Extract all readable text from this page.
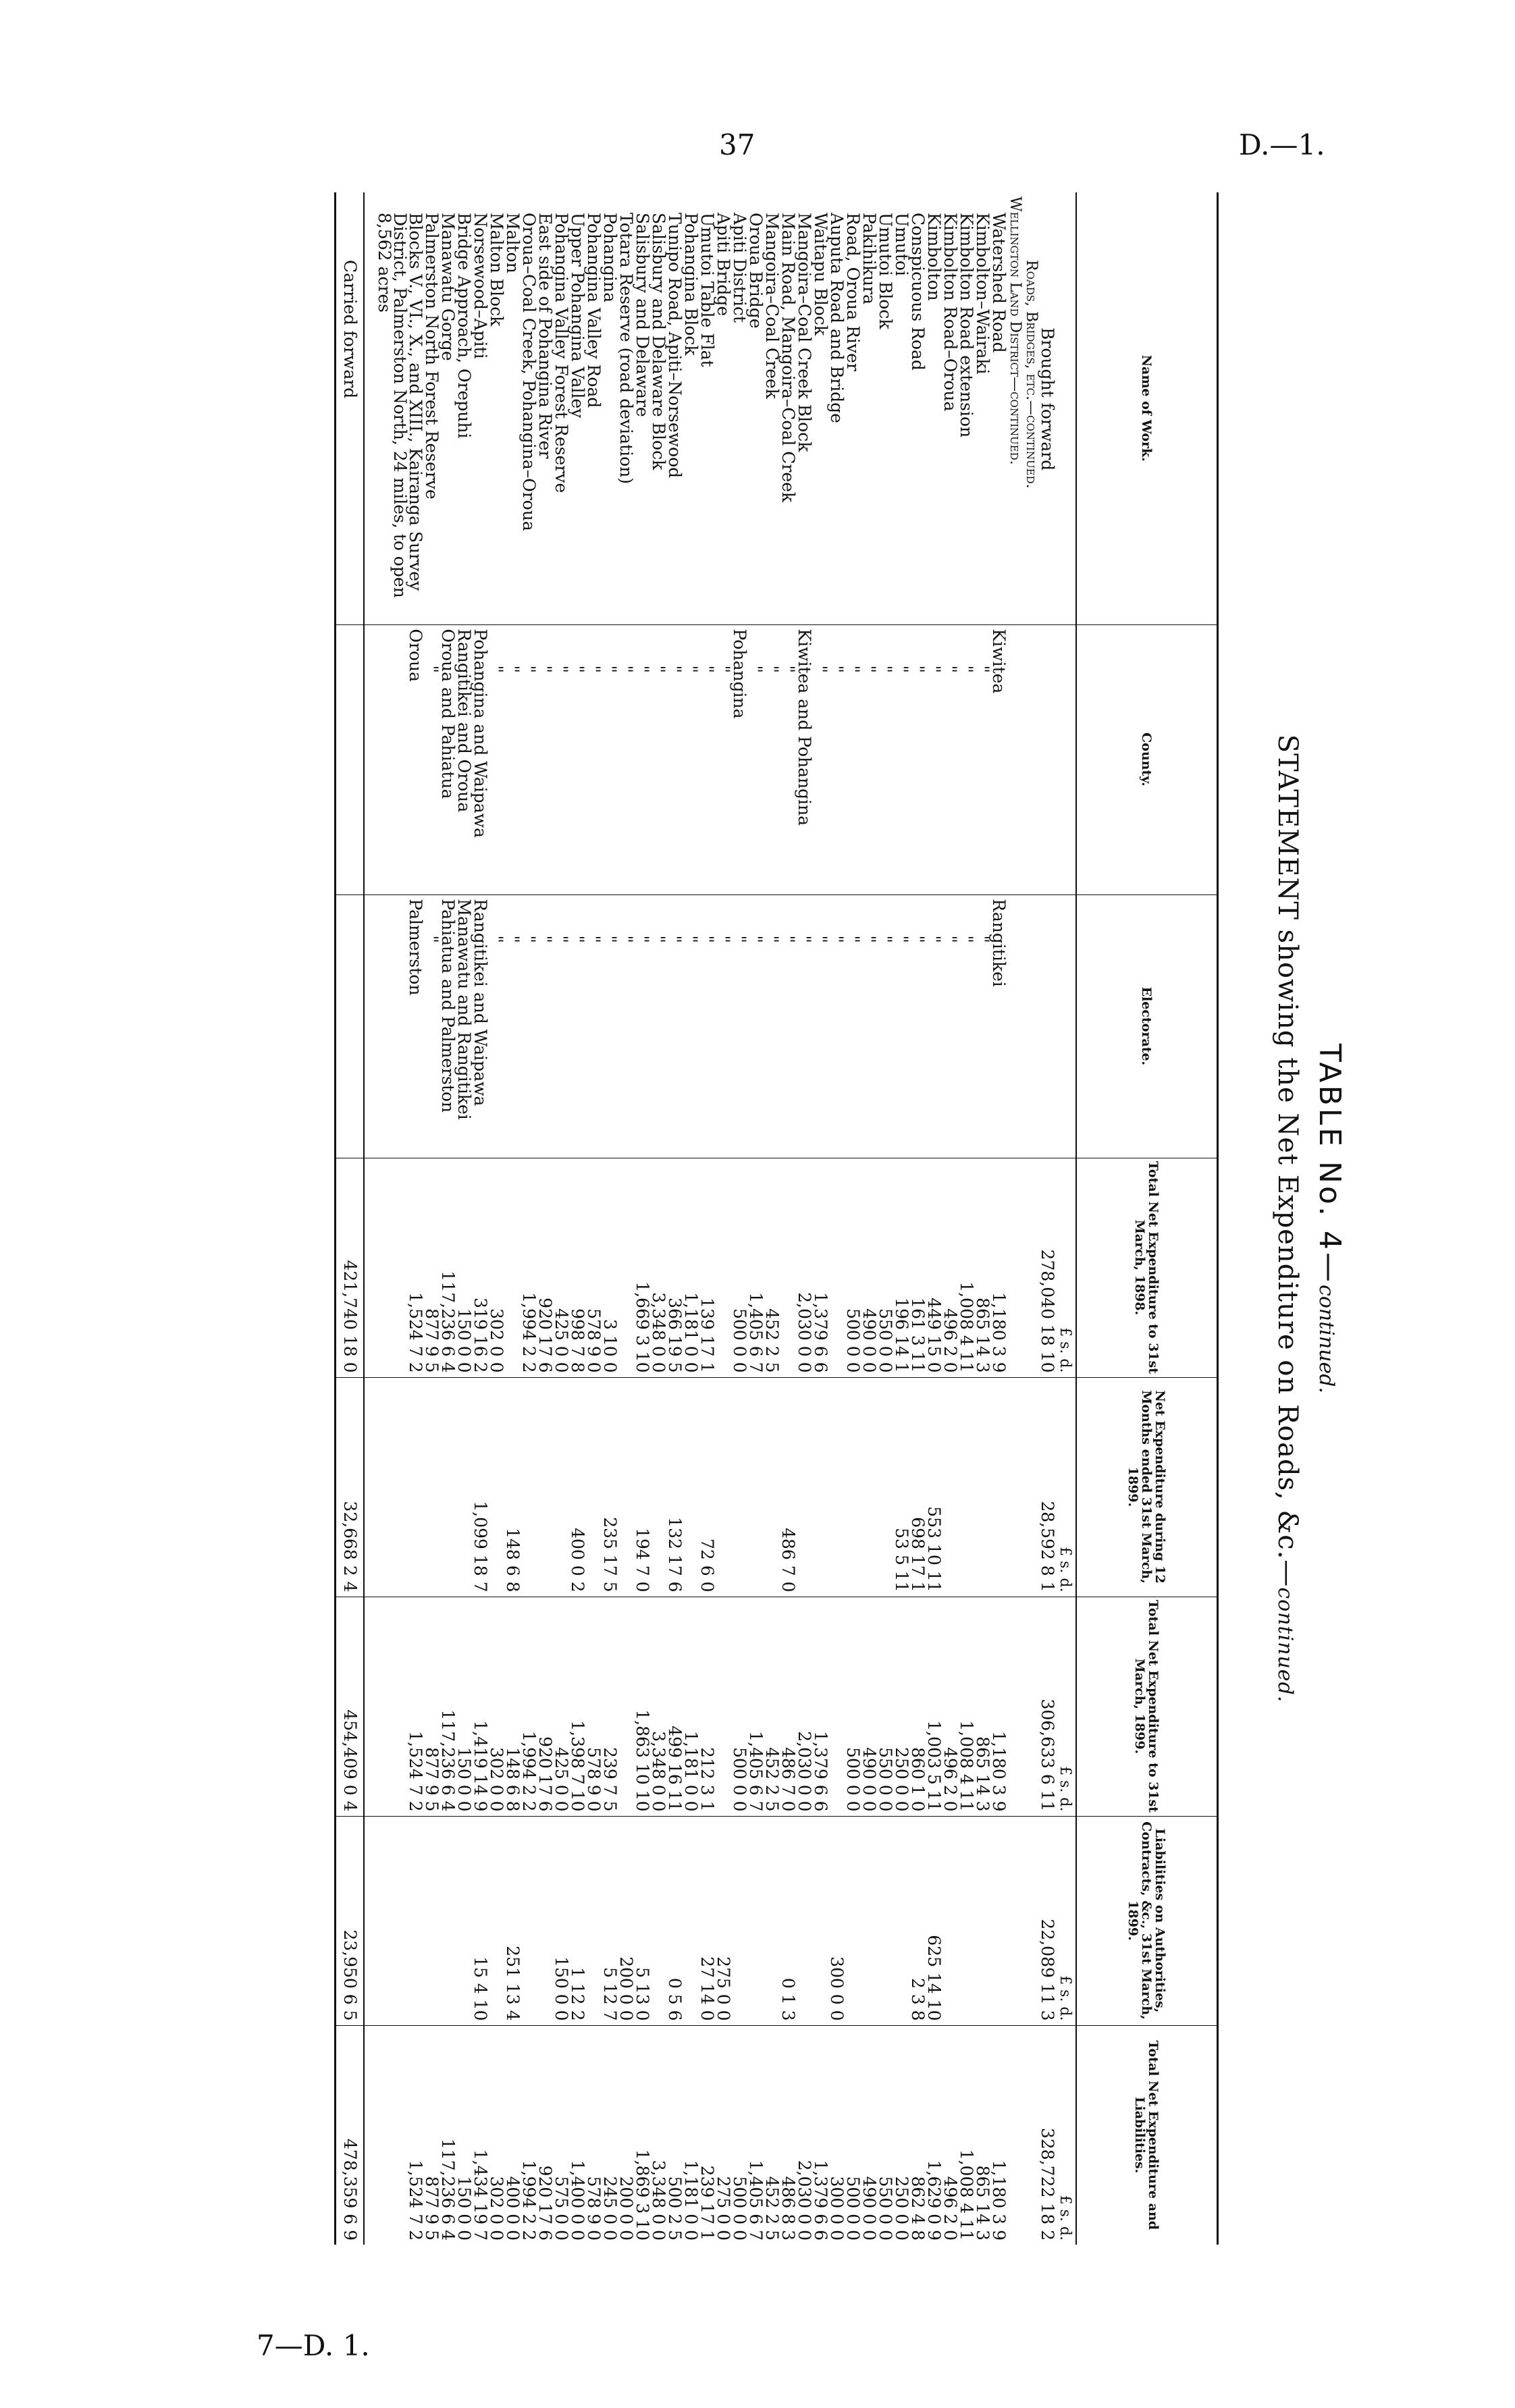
37	D.—1.
7—D. 1.
TABLE No. 4—continued.
STATEMENT showing the Net Expenditure on Roads, &c.—continued.
Name of Work.	County.	Electorate.	Total Net Expenditure to 31st March, 1898.	Net Expenditure during 12 Months ended 31st March, 1899.	Total Net Expenditure to 31st March, 1899.	Liabilities on Authorities, Contracts, &c., 31st March, 1899.	Total Net Expenditure and Liabilities.
			£ s. d.	£ s. d.	£ s. d.	£ s. d.	£ s. d.
Brought forward			278,040 18 10	28,592 8 1	306,633 6 11	22,089 11 3	328,722 18 2
Roads, Bridges, etc.—continued.							
Wellington Land District—continued.							
Watershed Road	Kiwitea	Rangitikei	1,180 3 9		1,180 3 9		1,180 3 9
Kimbolton–Wairaki	"	"	865 14 3		865 14 3		865 14 3
Kimbolton Road extension	"	"	1,008 4 11		1,008 4 11		1,008 4 11
Kimbolton Road–Oroua	"	"	496 2 0		496 2 0		496 2 0
Kimbolton	"	"	449 15 0	553 10 11	1,003 5 11	625 14 10	1,629 0 9
Conspicuous Road	"	"	161 3 11	698 17 1	860 1 0	2 3 8	862 4 8
Umutoi	"	"	196 14 1	53 5 11	250 0 0		250 0 0
Umutoi Block	"	"	550 0 0		550 0 0		550 0 0
Pakihikura	"	"	490 0 0		490 0 0		490 0 0
Road, Oroua River	"	"	500 0 0		500 0 0		500 0 0
Auputa Road and Bridge	"	"				300 0 0	300 0 0
Waitapu Block	"	"	1,379 6 6		1,379 6 6		1,379 6 6
Mangoira–Coal Creek Block	Kiwitea and Pohangina	"	2,030 0 0		2,030 0 0		2,030 0 0
Main Road, Mangoira–Coal Creek	"	"		486 7 0	486 7 0	0 1 3	486 8 3
Mangoira–Coal Creek	"	"	452 2 5		452 2 5		452 2 5
Oroua Bridge	"	"	1,405 6 7		1,405 6 7		1,405 6 7
Apiti District	Pohangina	"	500 0 0		500 0 0		500 0 0
Apiti Bridge	"	"				275 0 0	275 0 0
Umutoi Table Flat	"	"	139 17 1	72 6 0	212 3 1	27 14 0	239 17 1
Pohangina Block	"	"	1,181 0 0		1,181 0 0		1,181 0 0
Tunipo Road, Apiti–Norsewood	"	"	366 19 5	132 17 6	499 16 11	0 5 6	500 2 5
Salisbury and Delaware Block	"	"	3,348 0 0		3,348 0 0		3,348 0 0
Salisbury and Delaware	"	"	1,669 3 10	194 7 0	1,863 10 10	5 13 0	1,869 3 10
Totara Reserve (road deviation)	"	"				200 0 0	200 0 0
Pohangina	"	"	3 10 0	235 17 5	239 7 5	5 12 7	245 0 0
Pohangina Valley Road	"	"	578 9 0		578 9 0		578 9 0
Upper Pohangina Valley	"	"	998 7 8	400 0 2	1,398 7 10	1 12 2	1,400 0 0
Pohangina Valley Forest Reserve	"	"	425 0 0		425 0 0	150 0 0	575 0 0
East side of Pohangina River	"	"	920 17 6		920 17 6		920 17 6
Oroua–Coal Creek, Pohangina–Oroua	"	"	1,994 2 2		1,994 2 2		1,994 2 2
Malton	"	"		148 6 8	148 6 8	251 13 4	400 0 0
Malton Block	"	"	302 0 0		302 0 0		302 0 0
Norsewood–Apiti	Pohangina and Waipawa	Rangitikei and Waipawa	319 16 2	1,099 18 7	1,419 14 9	15 4 10	1,434 19 7
Bridge Approach, Orepuhi	Rangitikei and Oroua	Manawatu and Rangitikei	150 0 0		150 0 0		150 0 0
Manawatu Gorge	Oroua and Pahiatua	Pahiatua and Palmerston	117,236 6 4		117,236 6 4		117,236 6 4
Palmerston North Forest Reserve	"	"	877 9 5		877 9 5		877 9 5
Blocks V., VI., X., and XIII., Kairanga Survey District, Palmerston North, 24 miles, to open 8,562 acres	Oroua	Palmerston	1,524 7 2		1,524 7 2		1,524 7 2

Carried forward			421,740 18 0	32,668 2 4	454,409 0 4	23,950 6 5	478,359 6 9
